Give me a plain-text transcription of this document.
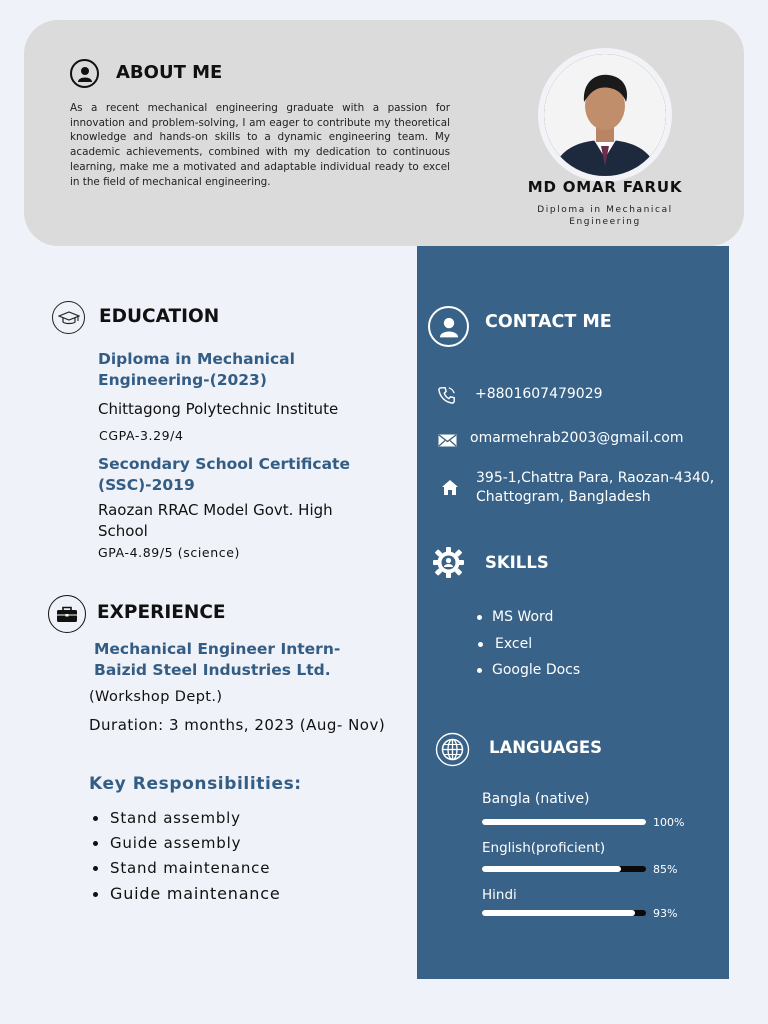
ABOUT ME
As a recent mechanical engineering graduate with a passion for innovation and problem-solving, I am eager to contribute my theoretical knowledge and hands-on skills to a dynamic engineering team. My academic achievements, combined with my dedication to continuous learning, make me a motivated and adaptable individual ready to excel in the field of mechanical engineering.	MD OMAR FARUK
Diploma in Mechanical
Engineering
CONTACT ME
+8801607479029
omarmehrab2003@gmail.com
395-1,Chattra Para, Raozan-4340,
Chattogram, Bangladesh
SKILLS
MS Word
Excel
Google Docs
LANGUAGES
Bangla (native)
100%
English(proficient)
85%
Hindi
93%
EDUCATION
Diploma in Mechanical
Engineering-(2023)
Chittagong Polytechnic Institute
CGPA-3.29/4
Secondary School Certificate
(SSC)-2019
Raozan RRAC Model Govt. High
School
GPA-4.89/5 (science)
EXPERIENCE
Mechanical Engineer Intern-
Baizid Steel Industries Ltd.
(Workshop Dept.)
Duration: 3 months, 2023 (Aug- Nov)
Key Responsibilities:
Stand assembly
Guide assembly
Stand maintenance
Guide maintenance
